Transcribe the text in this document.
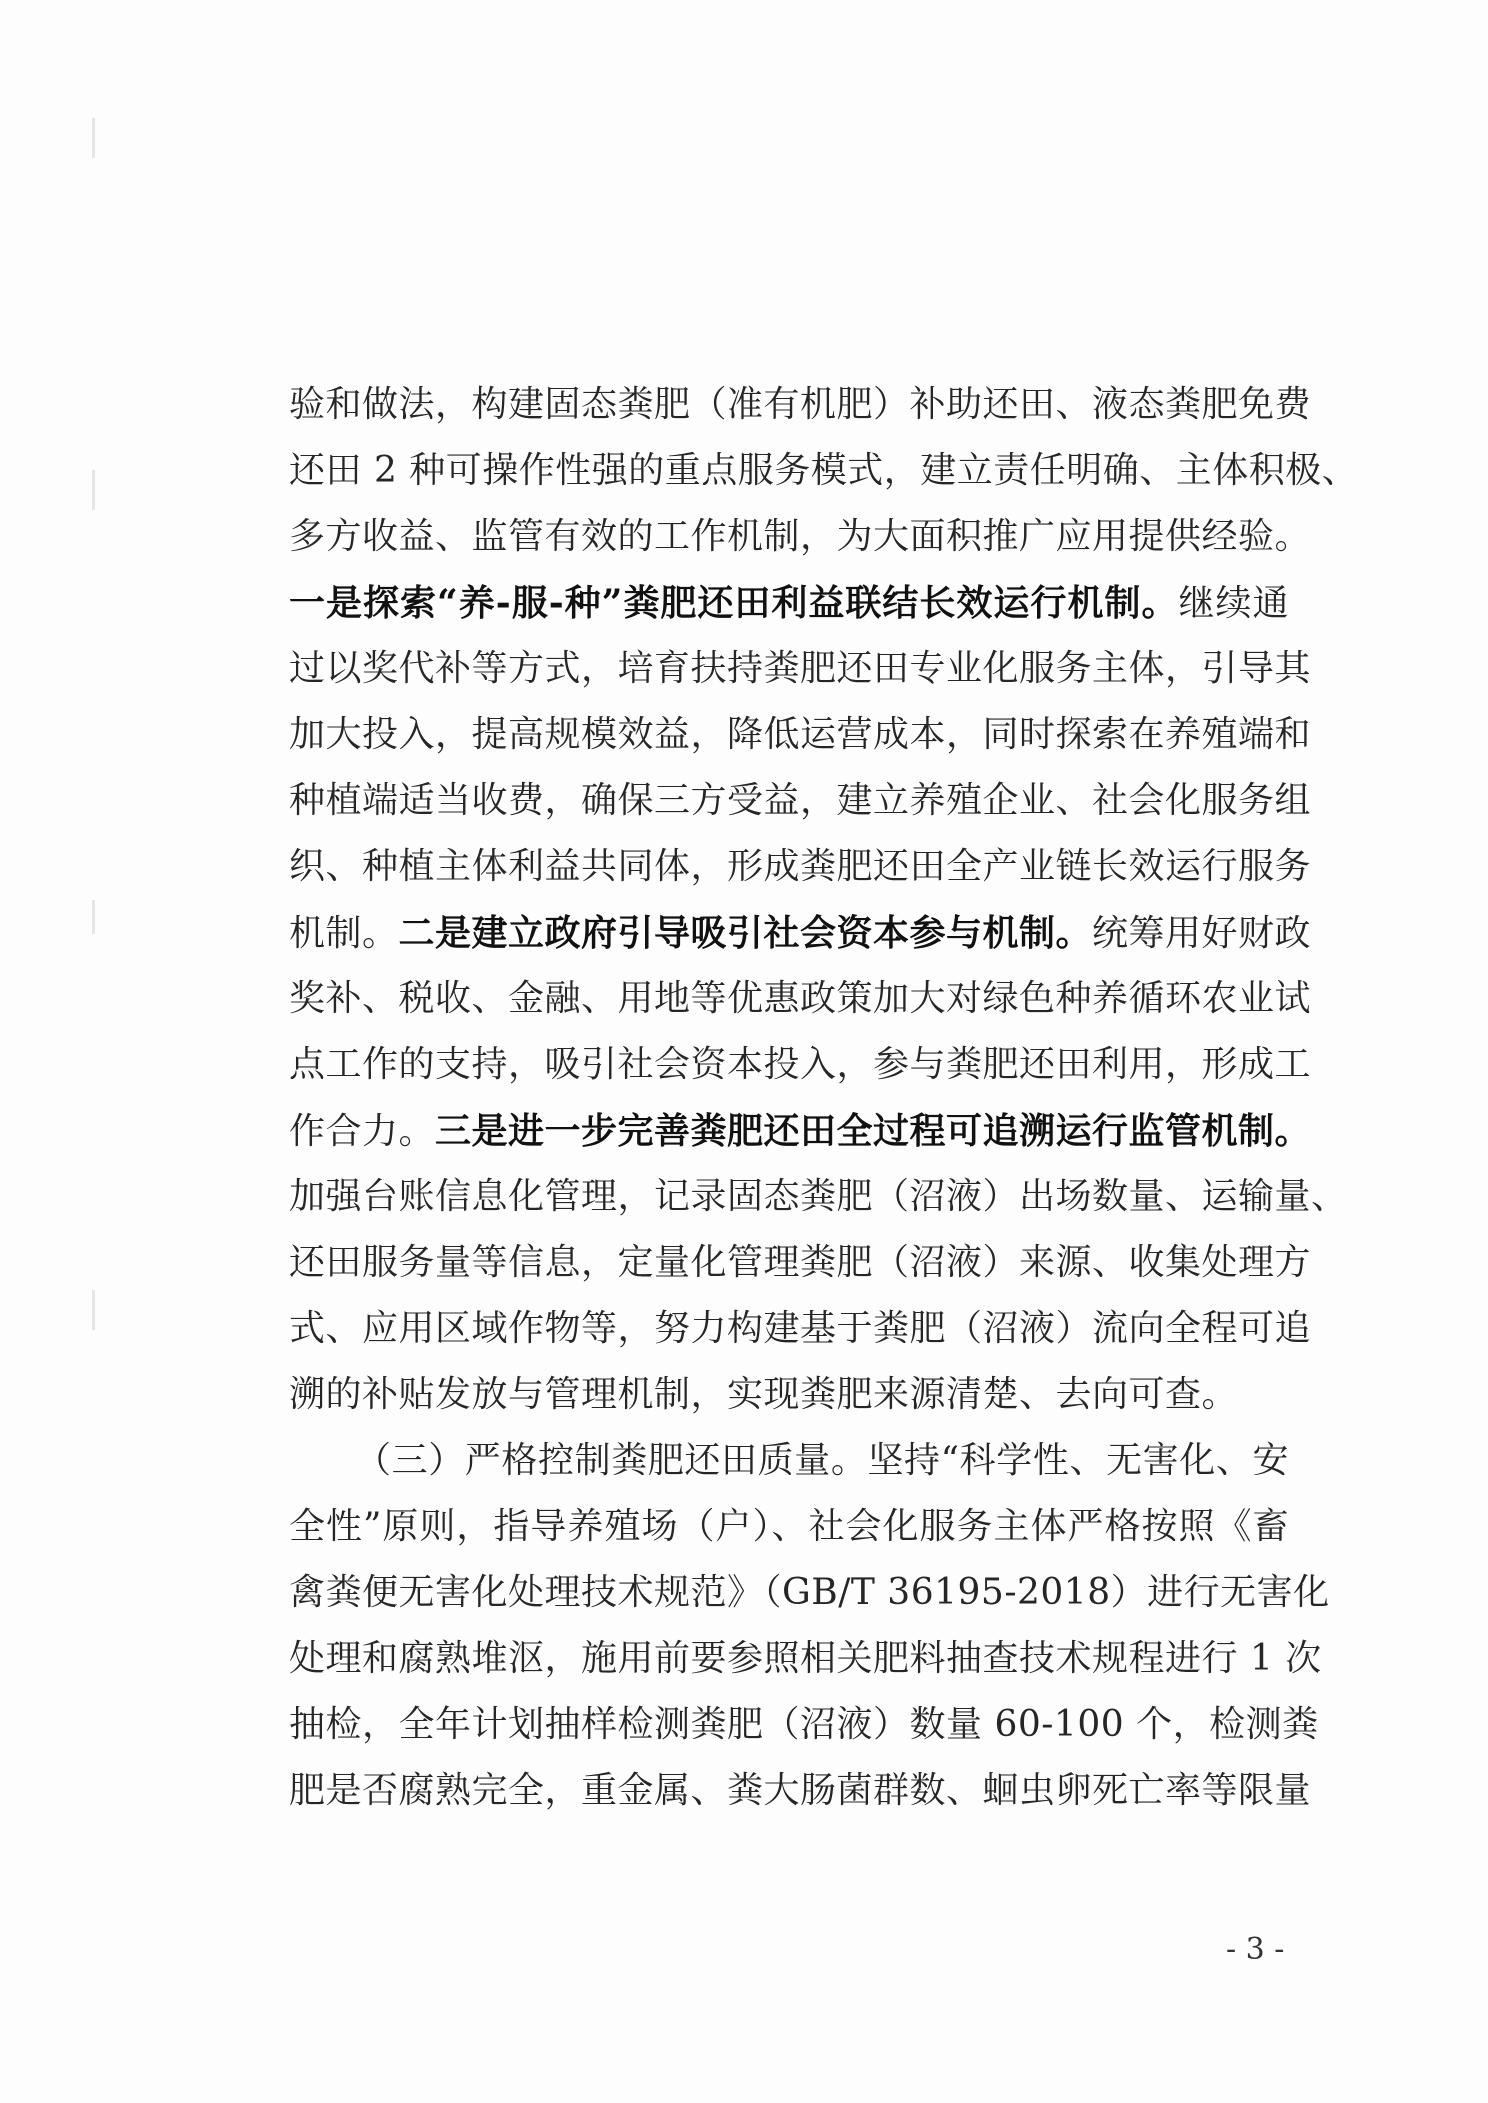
验和做法，构建固态粪肥（准有机肥）补助还田、液态粪肥免费
还田 2 种可操作性强的重点服务模式，建立责任明确、主体积极、
多方收益、监管有效的工作机制，为大面积推广应用提供经验。
一是探索“养-服-种”粪肥还田利益联结长效运行机制。继续通
过以奖代补等方式，培育扶持粪肥还田专业化服务主体，引导其
加大投入，提高规模效益，降低运营成本，同时探索在养殖端和
种植端适当收费，确保三方受益，建立养殖企业、社会化服务组
织、种植主体利益共同体，形成粪肥还田全产业链长效运行服务
机制。二是建立政府引导吸引社会资本参与机制。统筹用好财政
奖补、税收、金融、用地等优惠政策加大对绿色种养循环农业试
点工作的支持，吸引社会资本投入，参与粪肥还田利用，形成工
作合力。三是进一步完善粪肥还田全过程可追溯运行监管机制。
加强台账信息化管理，记录固态粪肥（沼液）出场数量、运输量、
还田服务量等信息，定量化管理粪肥（沼液）来源、收集处理方
式、应用区域作物等，努力构建基于粪肥（沼液）流向全程可追
溯的补贴发放与管理机制，实现粪肥来源清楚、去向可查。
（三）严格控制粪肥还田质量。坚持“科学性、无害化、安
全性”原则，指导养殖场（户）、社会化服务主体严格按照《畜
禽粪便无害化处理技术规范》（GB/T 36195-2018）进行无害化
处理和腐熟堆沤，施用前要参照相关肥料抽查技术规程进行 1 次
抽检，全年计划抽样检测粪肥（沼液）数量 60-100 个，检测粪
肥是否腐熟完全，重金属、粪大肠菌群数、蛔虫卵死亡率等限量
- 3 -
